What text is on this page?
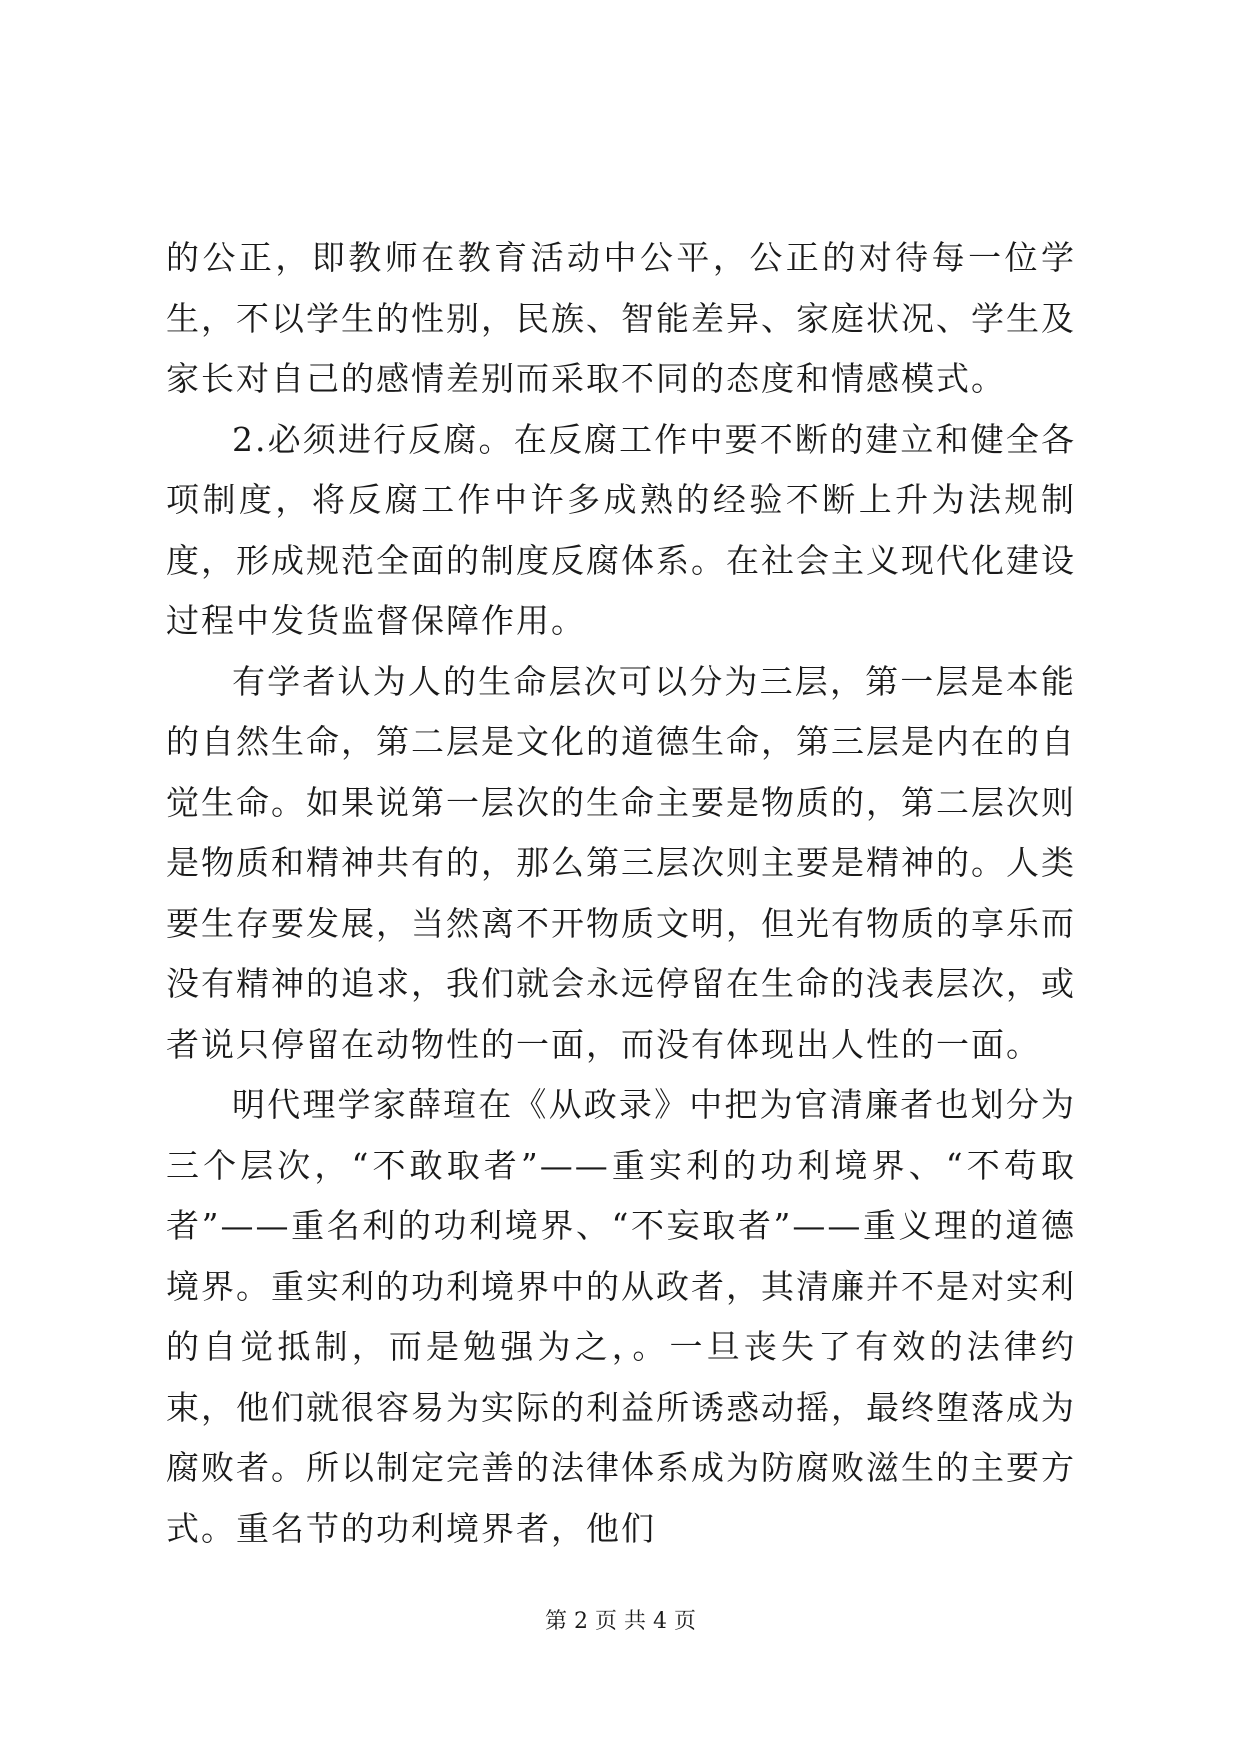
的公正，即教师在教育活动中公平，公正的对待每一位学生，不以学生的性别，民族、智能差异、家庭状况、学生及家长对自己的感情差别而采取不同的态度和情感模式。

2.必须进行反腐。在反腐工作中要不断的建立和健全各项制度，将反腐工作中许多成熟的经验不断上升为法规制度，形成规范全面的制度反腐体系。在社会主义现代化建设过程中发货监督保障作用。

有学者认为人的生命层次可以分为三层，第一层是本能的自然生命，第二层是文化的道德生命，第三层是内在的自觉生命。如果说第一层次的生命主要是物质的，第二层次则是物质和精神共有的，那么第三层次则主要是精神的。人类要生存要发展，当然离不开物质文明，但光有物质的享乐而没有精神的追求，我们就会永远停留在生命的浅表层次，或者说只停留在动物性的一面，而没有体现出人性的一面。

明代理学家薛瑄在《从政录》中把为官清廉者也划分为三个层次，“不敢取者”——重实利的功利境界、“不苟取者”——重名利的功利境界、“不妄取者”——重义理的道德境界。重实利的功利境界中的从政者，其清廉并不是对实利的自觉抵制，而是勉强为之，。一旦丧失了有效的法律约束，他们就很容易为实际的利益所诱惑动摇，最终堕落成为腐败者。所以制定完善的法律体系成为防腐败滋生的主要方式。重名节的功利境界者，他们

第 2 页 共 4 页
